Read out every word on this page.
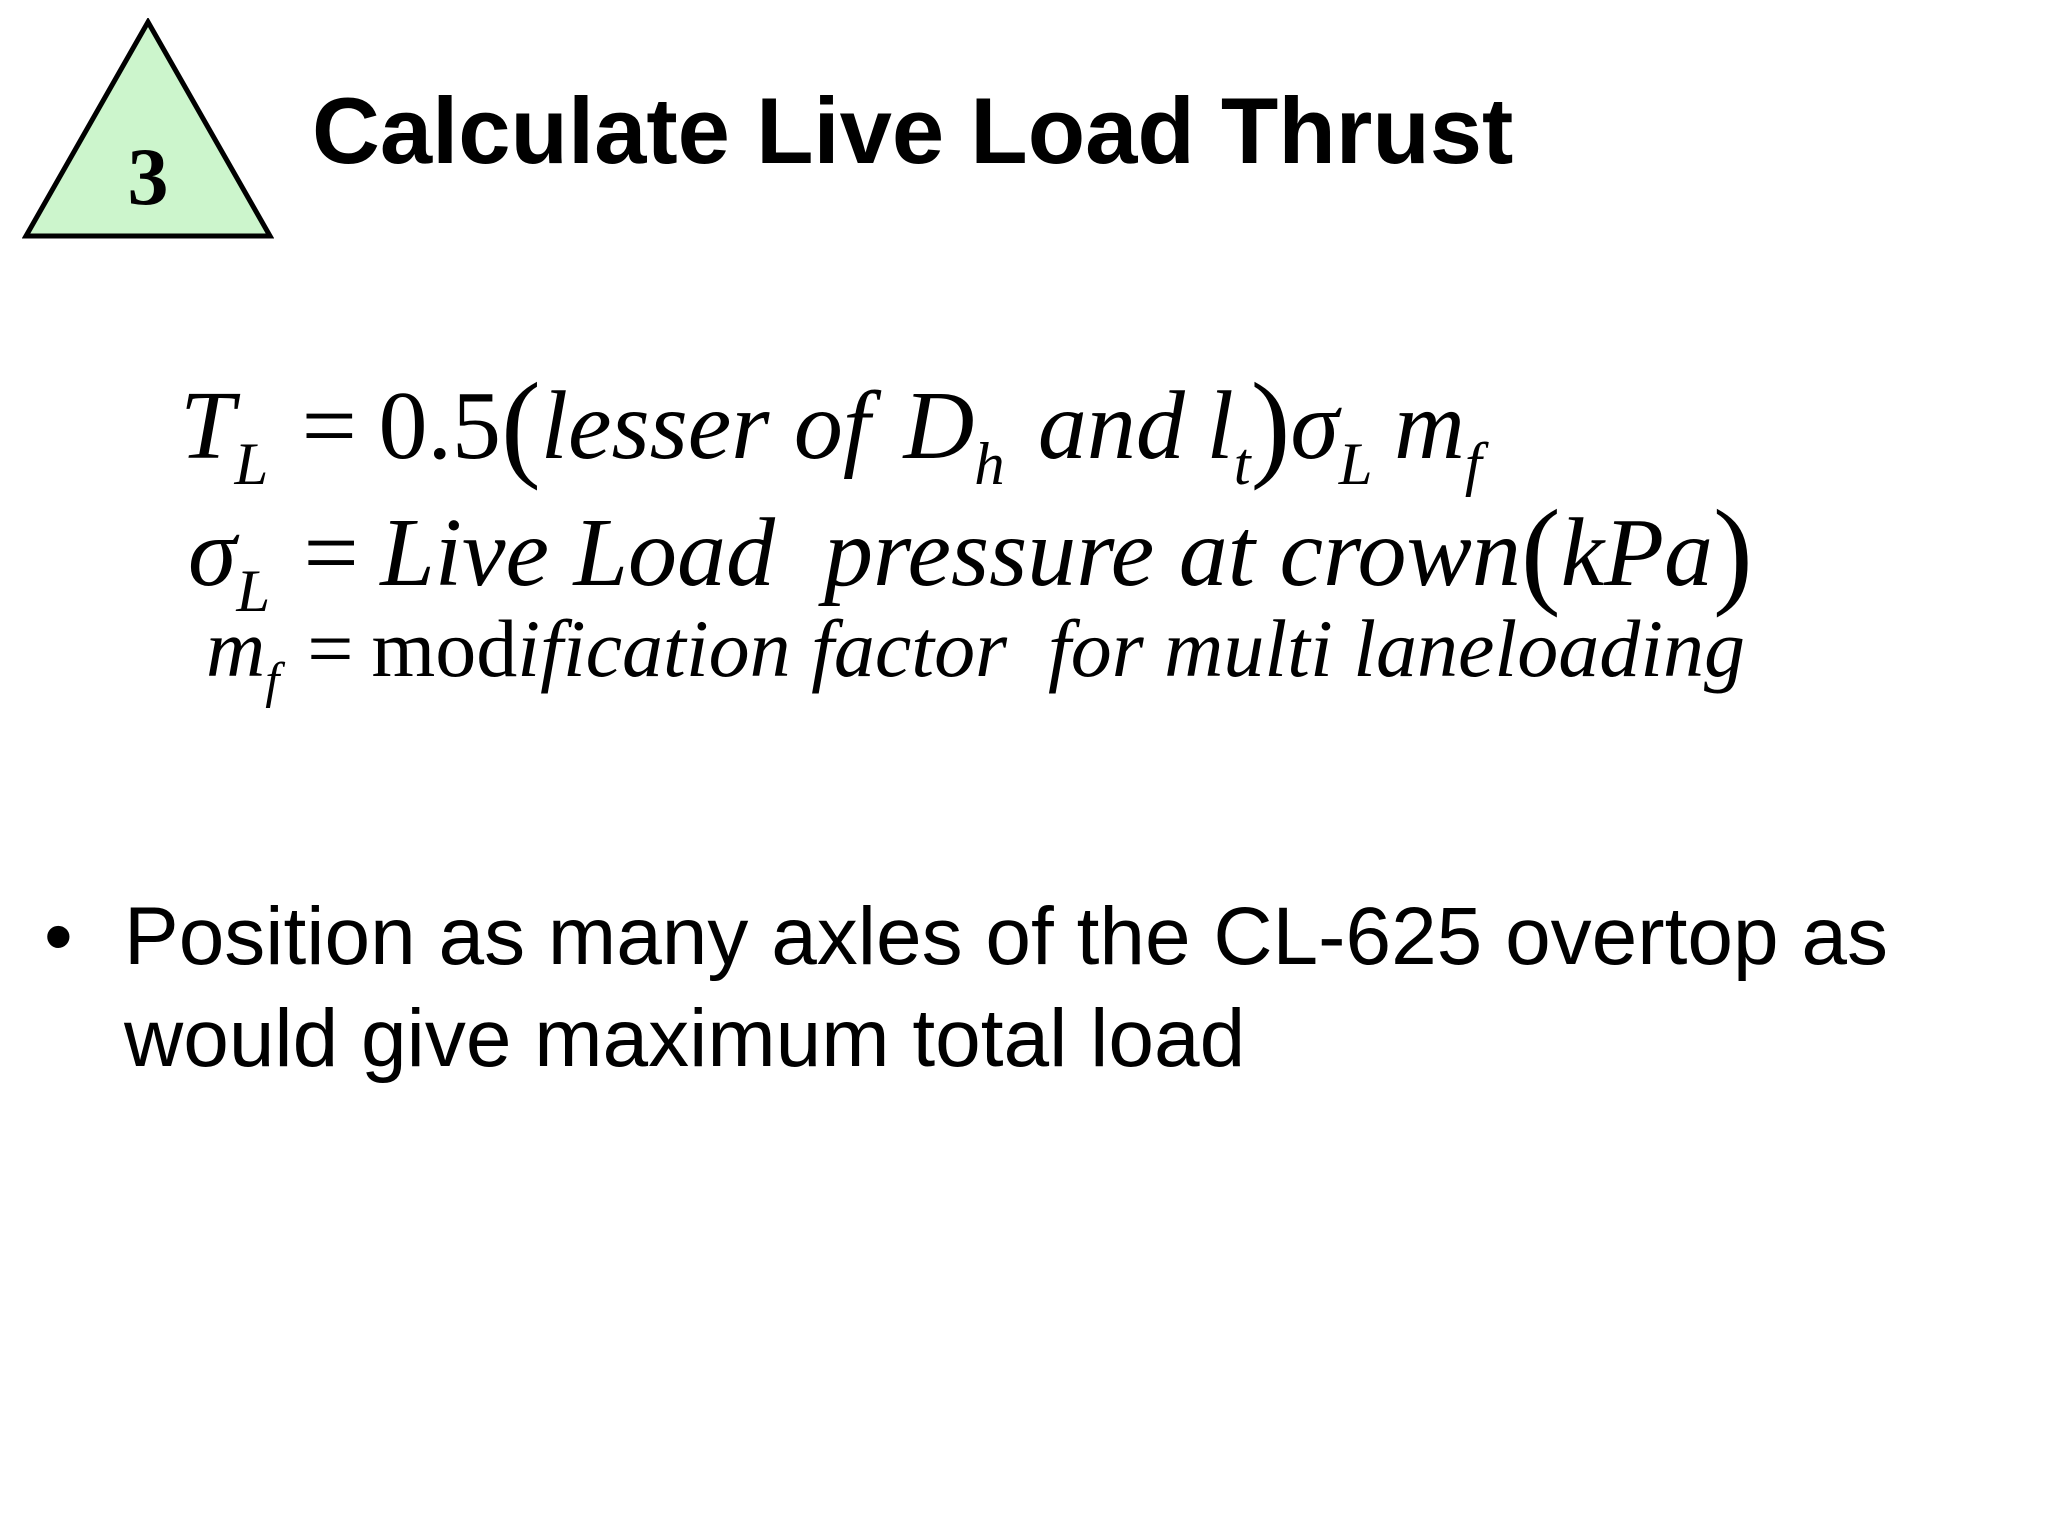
3	Calculate Live Load Thrust
$T_L$ = 0.5(lesser of $D_h$ and $l_t)\sigma_L$ $m_f$
$\sigma_L$ = Live Load  pressure at crown(kPa)
$m_f$ = modification factor  for multi laneloading
• Position as many axles of the CL-625 overtop as would give maximum total load
